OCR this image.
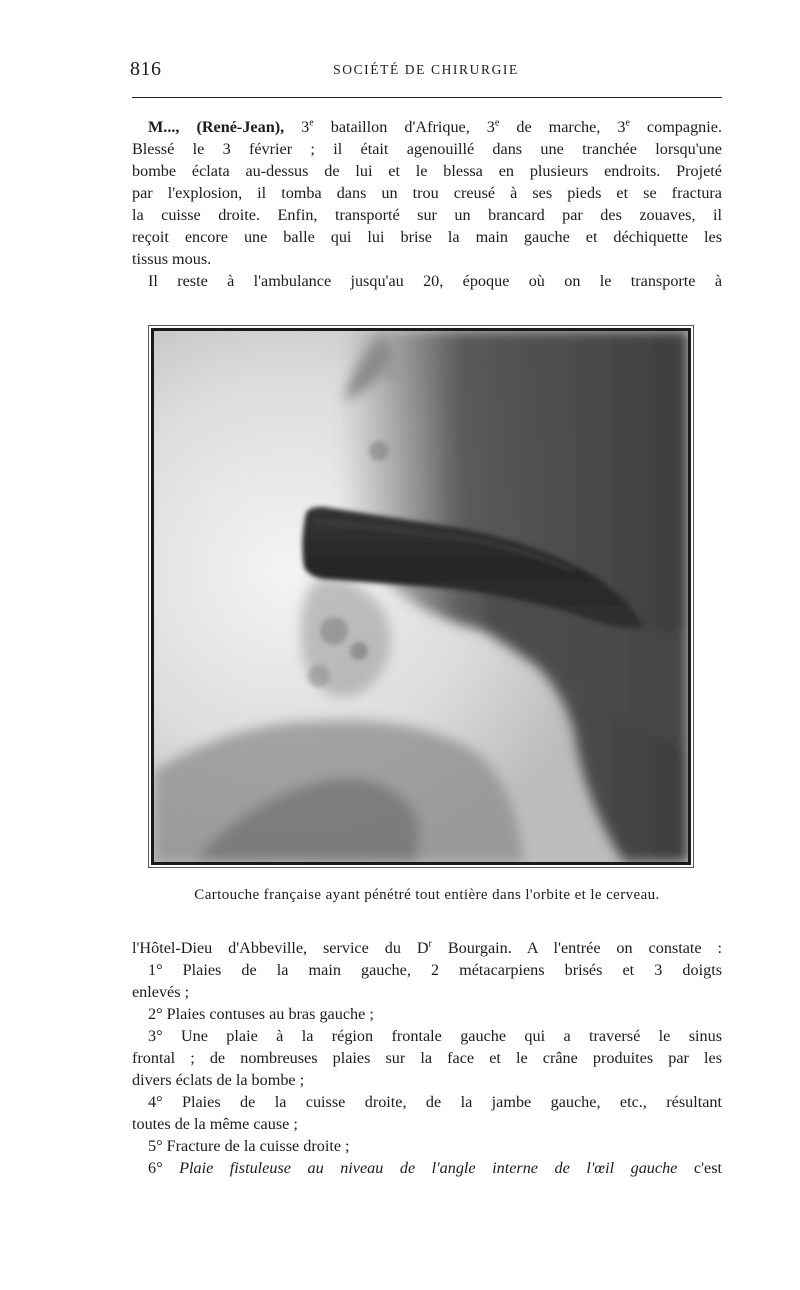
816	SOCIÉTÉ DE CHIRURGIE
M..., (René-Jean), 3e bataillon d'Afrique, 3e de marche, 3e compagnie.
Blessé le 3 février ; il était agenouillé dans une tranchée lorsqu'une
bombe éclata au-dessus de lui et le blessa en plusieurs endroits. Projeté
par l'explosion, il tomba dans un trou creusé à ses pieds et se fractura
la cuisse droite. Enfin, transporté sur un brancard par des zouaves, il
reçoit encore une balle qui lui brise la main gauche et déchiquette les
tissus mous.
Il reste à l'ambulance jusqu'au 20, époque où on le transporte à
Cartouche française ayant pénétré tout entière dans l'orbite et le cerveau.
l'Hôtel-Dieu d'Abbeville, service du $D^r$ Bourgain. A l'entrée on constate :
1° Plaies de la main gauche, 2 métacarpiens brisés et 3 doigts
enlevés ;
2° Plaies contuses au bras gauche ;
3° Une plaie à la région frontale gauche qui a traversé le sinus
frontal ; de nombreuses plaies sur la face et le crâne produites par les
divers éclats de la bombe ;
4° Plaies de la cuisse droite, de la jambe gauche, etc., résultant
toutes de la même cause ;
5° Fracture de la cuisse droite ;
6° Plaie fistuleuse au niveau de l'angle interne de l'œil gauche c'est
